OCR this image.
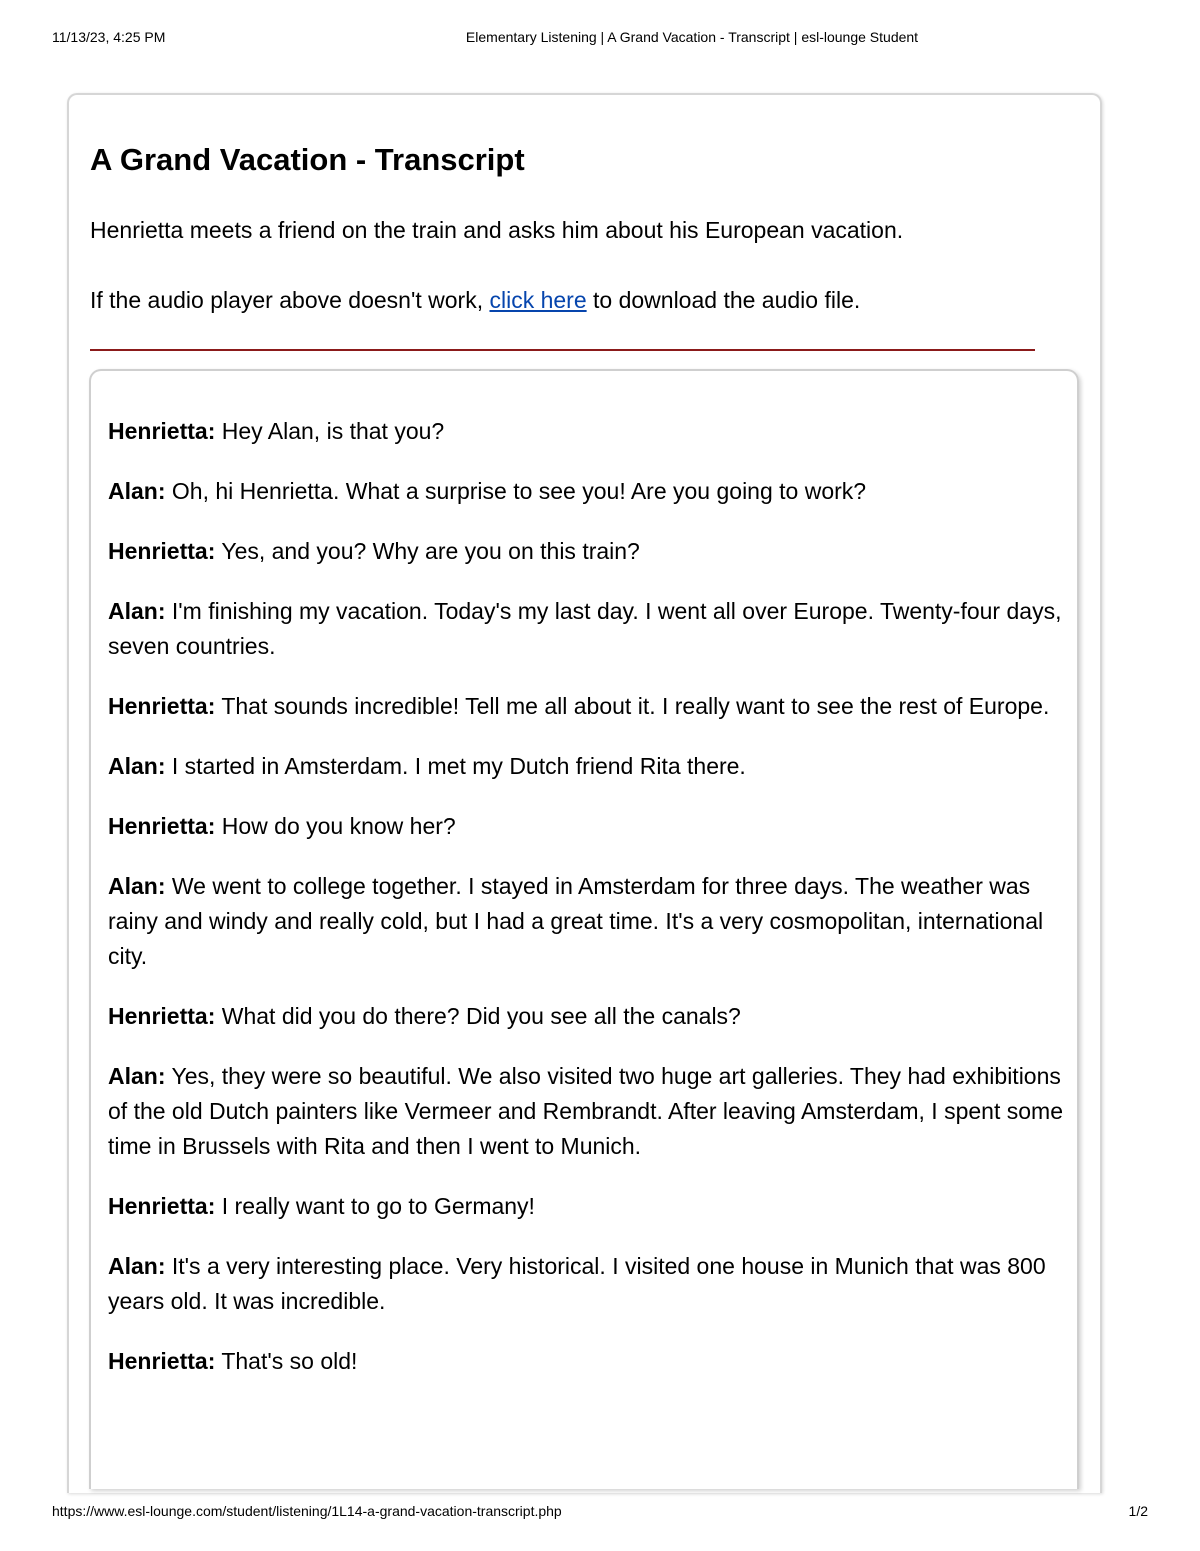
11/13/23, 4:25 PM	Elementary Listening | A Grand Vacation - Transcript | esl-lounge Student
A Grand Vacation - Transcript

Henrietta meets a friend on the train and asks him about his European vacation.

If the audio player above doesn't work, click here to download the audio file.

Henrietta: Hey Alan, is that you?

Alan: Oh, hi Henrietta. What a surprise to see you! Are you going to work?

Henrietta: Yes, and you? Why are you on this train?

Alan: I'm finishing my vacation. Today's my last day. I went all over Europe. Twenty-four days, seven countries.

Henrietta: That sounds incredible! Tell me all about it. I really want to see the rest of Europe.

Alan: I started in Amsterdam. I met my Dutch friend Rita there.

Henrietta: How do you know her?

Alan: We went to college together. I stayed in Amsterdam for three days. The weather was rainy and windy and really cold, but I had a great time. It's a very cosmopolitan, international city.

Henrietta: What did you do there? Did you see all the canals?

Alan: Yes, they were so beautiful. We also visited two huge art galleries. They had exhibitions of the old Dutch painters like Vermeer and Rembrandt. After leaving Amsterdam, I spent some time in Brussels with Rita and then I went to Munich.

Henrietta: I really want to go to Germany!

Alan: It's a very interesting place. Very historical. I visited one house in Munich that was 800 years old. It was incredible.

Henrietta: That's so old!

https://www.esl-lounge.com/student/listening/1L14-a-grand-vacation-transcript.php	1/2
